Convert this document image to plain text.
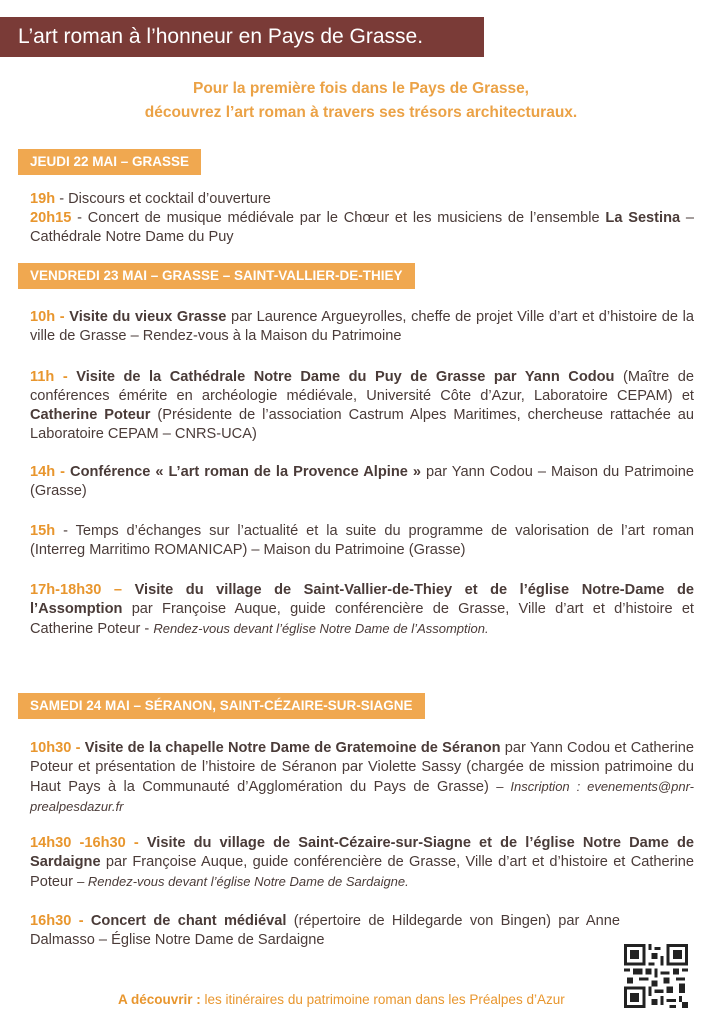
L’art roman à l’honneur en Pays de Grasse.
Pour la première fois dans le Pays de Grasse,
découvrez l’art roman à travers ses trésors architecturaux.
JEUDI 22 MAI – GRASSE
19h - Discours et cocktail d’ouverture
20h15 - Concert de musique médiévale par le Chœur et les musiciens de l’ensemble La Sestina – Cathédrale Notre Dame du Puy
VENDREDI 23 MAI – GRASSE – SAINT-VALLIER-DE-THIEY
10h - Visite du vieux Grasse par Laurence Argueyrolles, cheffe de projet Ville d’art et d’histoire de la ville de Grasse – Rendez-vous à la Maison du Patrimoine
11h - Visite de la Cathédrale Notre Dame du Puy de Grasse par Yann Codou (Maître de conférences émérite en archéologie médiévale, Université Côte d’Azur, Laboratoire CEPAM) et Catherine Poteur (Présidente de l’association Castrum Alpes Maritimes, chercheuse rattachée au Laboratoire CEPAM – CNRS-UCA)
14h - Conférence « L’art roman de la Provence Alpine » par Yann Codou – Maison du Patrimoine (Grasse)
15h - Temps d’échanges sur l’actualité et la suite du programme de valorisation de l’art roman (Interreg Marritimo ROMANICAP) – Maison du Patrimoine (Grasse)
17h-18h30 – Visite du village de Saint-Vallier-de-Thiey et de l’église Notre-Dame de l’Assomption par Françoise Auque, guide conférencière de Grasse, Ville d’art et d’histoire et Catherine Poteur - Rendez-vous devant l’église Notre Dame de l’Assomption.
SAMEDI 24 MAI – SÉRANON, SAINT-CÉZAIRE-SUR-SIAGNE
10h30 - Visite de la chapelle Notre Dame de Gratemoine de Séranon par Yann Codou et Catherine Poteur et présentation de l’histoire de Séranon par Violette Sassy (chargée de mission patrimoine du Haut Pays à la Communauté d’Agglomération du Pays de Grasse) – Inscription : evenements@pnr-prealpesdazur.fr
14h30 -16h30 - Visite du village de Saint-Cézaire-sur-Siagne et de l’église Notre Dame de Sardaigne par Françoise Auque, guide conférencière de Grasse, Ville d’art et d’histoire et Catherine Poteur – Rendez-vous devant l’église Notre Dame de Sardaigne.
16h30 - Concert de chant médiéval (répertoire de Hildegarde von Bingen) par Anne Dalmasso – Église Notre Dame de Sardaigne
A découvrir : les itinéraires du patrimoine roman dans les Préalpes d’Azur
